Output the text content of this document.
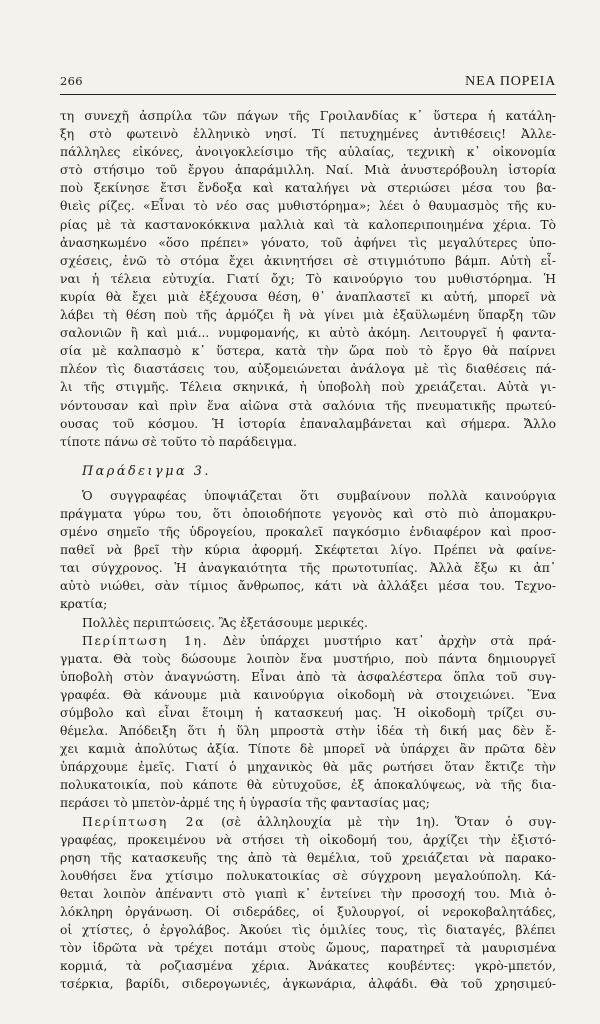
266	ΝΕΑ ΠΟΡΕΙΑ

τη συνεχῆ ἀσπρίλα τῶν πάγων τῆς Γροιλανδίας κ᾽ ὕστερα ἡ κατάλη-
ξη στὸ φωτεινὸ ἑλληνικὸ νησί. Τί πετυχημένες ἀντιθέσεις! Ἀλλε-
πάλληλες εἰκόνες, ἀνοιγοκλείσιμο τῆς αὐλαίας, τεχνικὴ κ᾽ οἰκονομία
στὸ στήσιμο τοῦ ἔργου ἀπαράμιλλη. Ναί. Μιὰ ἀνυστερόβουλη ἱστορία
ποὺ ξεκίνησε ἔτσι ἔνδοξα καὶ καταλήγει νὰ στεριώσει μέσα του βα-
θιεὶς ρίζες. «Εἶναι τὸ νέο σας μυθιστόρημα»; λέει ὁ θαυμασμὸς τῆς κυ-
ρίας μὲ τὰ καστανοκόκκινα μαλλιὰ καὶ τὰ καλοπεριποιημένα χέρια. Τὸ
ἀνασηκωμένο «ὅσο πρέπει» γόνατο, τοῦ ἀφήνει τὶς μεγαλύτερες ὑπο-
σχέσεις, ἐνῶ τὸ στόμα ἔχει ἀκινητήσει σὲ στιγμιότυπο βάμπ. Αὐτὴ εἶ-
ναι ἡ τέλεια εὐτυχία. Γιατί ὄχι; Τὸ καινούργιο του μυθιστόρημα. Ἡ
κυρία θὰ ἔχει μιὰ ἐξέχουσα θέση, θ᾽ ἀναπλαστεῖ κι αὐτή, μπορεῖ νὰ
λάβει τὴ θέση ποὺ τῆς ἁρμόζει ἢ νὰ γίνει μιὰ ἐξαϋλωμένη ὕπαρξη τῶν
σαλονιῶν ἢ καὶ μιά... νυμφομανής, κι αὐτὸ ἀκόμη. Λειτουργεῖ ἡ φαντα-
σία μὲ καλπασμὸ κ᾽ ὕστερα, κατὰ τὴν ὥρα ποὺ τὸ ἔργο θὰ παίρνει
πλέον τὶς διαστάσεις του, αὐξομειώνεται ἀνάλογα μὲ τὶς διαθέσεις πά-
λι τῆς στιγμῆς. Τέλεια σκηνικά, ἡ ὑποβολὴ ποὺ χρειάζεται. Αὐτὰ γι-
νόντουσαν καὶ πρὶν ἕνα αἰῶνα στὰ σαλόνια τῆς πνευματικῆς πρωτεύ-
ουσας τοῦ κόσμου. Ἡ ἱστορία ἐπαναλαμβάνεται καὶ σήμερα. Ἄλλο
τίποτε πάνω σὲ τοῦτο τὸ παράδειγμα.

Παράδειγμα 3.

Ὁ συγγραφέας ὑποψιάζεται ὅτι συμβαίνουν πολλὰ καινούργια
πράγματα γύρω του, ὅτι ὁποιοδήποτε γεγονὸς καὶ στὸ πιὸ ἀπομακρυ-
σμένο σημεῖο τῆς ὑδρογείου, προκαλεῖ παγκόσμιο ἐνδιαφέρον καὶ προσ-
παθεῖ νὰ βρεῖ τὴν κύρια ἀφορμή. Σκέφτεται λίγο. Πρέπει νὰ φαίνε-
ται σύγχρονος. Ἡ ἀναγκαιότητα τῆς πρωτοτυπίας. Ἀλλὰ ἔξω κι ἀπ᾽
αὐτὸ νιώθει, σὰν τίμιος ἄνθρωπος, κάτι νὰ ἀλλάξει μέσα του. Τεχνο-
κρατία;

Πολλὲς περιπτώσεις. Ἂς ἐξετάσουμε μερικές.
Περίπτωση 1η. Δὲν ὑπάρχει μυστήριο κατ᾽ ἀρχὴν στὰ πρά-
γματα. Θὰ τοὺς δώσουμε λοιπὸν ἕνα μυστήριο, ποὺ πάντα δημιουργεῖ
ὑποβολὴ στὸν ἀναγνώστη. Εἶναι ἀπὸ τὰ ἀσφαλέστερα ὅπλα τοῦ συγ-
γραφέα. Θὰ κάνουμε μιὰ καινούργια οἰκοδομὴ νὰ στοιχειώνει. Ἕνα
σύμβολο καὶ εἶναι ἕτοιμη ἡ κατασκευή μας. Ἡ οἰκοδομὴ τρίζει συ-
θέμελα. Ἀπόδειξη ὅτι ἡ ὕλη μπροστὰ στὴν ἰδέα τὴ δική μας δὲν ἔ-
χει καμιὰ ἀπολύτως ἀξία. Τίποτε δὲ μπορεῖ νὰ ὑπάρχει ἂν πρῶτα δὲν
ὑπάρχουμε ἐμεῖς. Γιατί ὁ μηχανικὸς θὰ μᾶς ρωτήσει ὅταν ἔκτιζε τὴν
πολυκατοικία, ποὺ κάποτε θὰ εὐτυχοῦσε, ἐξ ἀποκαλύψεως, νὰ τῆς δια-
περάσει τὸ μπετὸν-ἀρμέ της ἡ ὑγρασία τῆς φαντασίας μας;

Περίπτωση 2α (σὲ ἀλληλουχία μὲ τὴν 1η). Ὅταν ὁ συγ-
γραφέας, προκειμένου νὰ στήσει τὴ οἰκοδομή του, ἀρχίζει τὴν ἐξιστό-
ρηση τῆς κατασκευῆς της ἀπὸ τὰ θεμέλια, τοῦ χρειάζεται νὰ παρακο-
λουθήσει ἕνα χτίσιμο πολυκατοικίας σὲ σύγχρονη μεγαλούπολη. Κά-
θεται λοιπὸν ἀπέναντι στὸ γιαπὶ κ᾽ ἐντείνει τὴν προσοχή του. Μιὰ ὁ-
λόκληρη ὀργάνωση. Οἱ σιδεράδες, οἱ ξυλουργοί, οἱ νεροκοβαλητάδες,
οἱ χτίστες, ὁ ἐργολάβος. Ἀκούει τὶς ὁμιλίες τους, τὶς διαταγές, βλέπει
τὸν ἱδρῶτα νὰ τρέχει ποτάμι στοὺς ὤμους, παρατηρεῖ τὰ μαυρισμένα
κορμιά, τὰ ροζιασμένα χέρια. Ἀνάκατες κουβέντες: γκρὸ-μπετόν,
τσέρκια, βαρίδι, σιδερογωνιές, ἀγκωνάρια, ἀλφάδι. Θὰ τοῦ χρησιμεύ-
